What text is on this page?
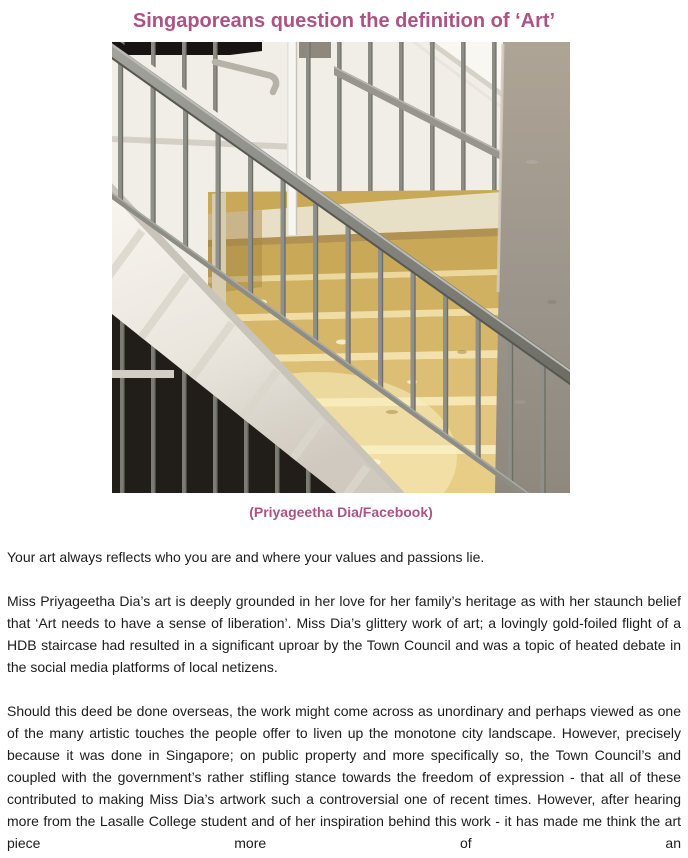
Singaporeans question the definition of ‘Art’
(Priyageetha Dia/Facebook)

Your art always reflects who you are and where your values and passions lie.

Miss Priyageetha Dia’s art is deeply grounded in her love for her family’s heritage as with her staunch belief that ‘Art needs to have a sense of liberation’. Miss Dia’s glittery work of art; a lovingly gold-foiled flight of a HDB staircase had resulted in a significant uproar by the Town Council and was a topic of heated debate in the social media platforms of local netizens.

Should this deed be done overseas, the work might come across as unordinary and perhaps viewed as one of the many artistic touches the people offer to liven up the monotone city landscape. However, precisely because it was done in Singapore; on public property and more specifically so, the Town Council’s and coupled with the government’s rather stifling stance towards the freedom of expression - that all of these contributed to making Miss Dia’s artwork such a controversial one of recent times. However, after hearing more from the Lasalle College student and of her inspiration behind this work - it has made me think the art piece more of an
